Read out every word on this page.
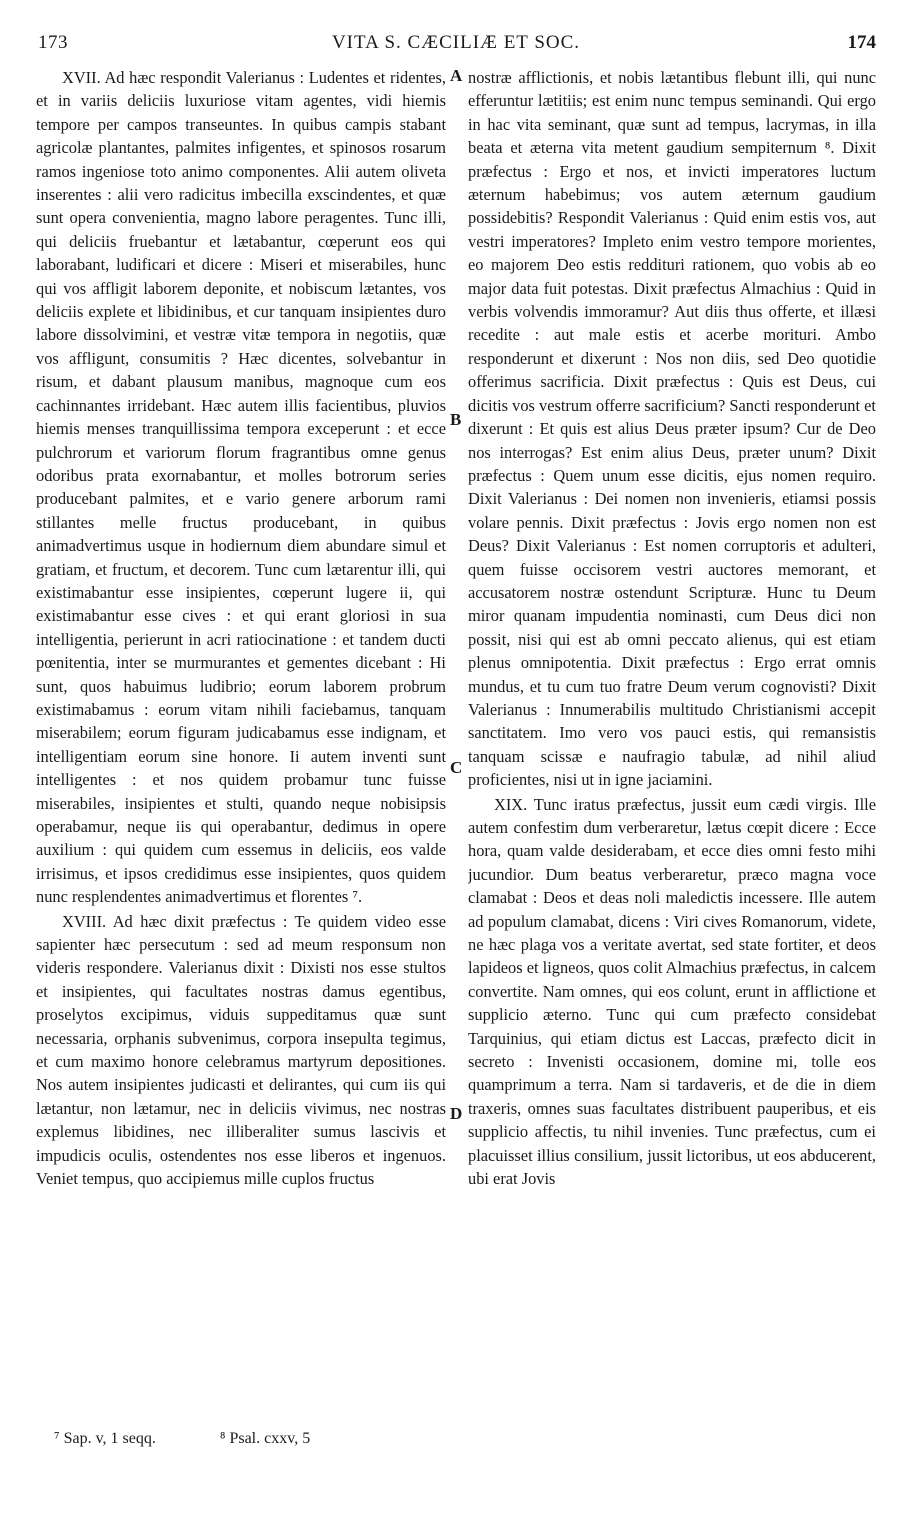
173	VITA S. CÆCILIÆ ET SOC.	174

XVII. Ad hæc respondit Valerianus : Ludentes et ridentes, et in variis deliciis luxuriose vitam agentes, vidi hiemis tempore per campos transeuntes. In quibus campis stabant agricolæ plantantes, palmites infigentes, et spinosos rosarum ramos ingeniose toto animo componentes. Alii autem oliveta inserentes : alii vero radicitus imbecilla exscindentes, et quæ sunt opera convenientia, magno labore peragentes. Tunc illi, qui deliciis fruebantur et lætabantur, cœperunt eos qui laborabant, ludificari et dicere : Miseri et miserabiles, hunc qui vos affligit laborem deponite, et nobiscum lætantes, vos deliciis explete et libidinibus, et cur tanquam insipientes duro labore dissolvimini, et vestræ vitæ tempora in negotiis, quæ vos affligunt, consumitis ? Hæc dicentes, solvebantur in risum, et dabant plausum manibus, magnoque cum eos cachinnantes irridebant. Hæc autem illis facientibus, pluvios hiemis menses tranquillissima tempora exceperunt : et ecce pulchrorum et variorum florum fragrantibus omne genus odoribus prata exornabantur, et molles botrorum series producebant palmites, et e vario genere arborum rami stillantes melle fructus producebant, in quibus animadvertimus usque in hodiernum diem abundare simul et gratiam, et fructum, et decorem. Tunc cum lætarentur illi, qui existimabantur esse insipientes, cœperunt lugere ii, qui existimabantur esse cives : et qui erant gloriosi in sua intelligentia, perierunt in acri ratiocinatione : et tandem ducti pœnitentia, inter se murmurantes et gementes dicebant : Hi sunt, quos habuimus ludibrio; eorum laborem probrum existimabamus : eorum vitam nihili faciebamus, tanquam miserabilem; eorum figuram judicabamus esse indignam, et intelligentiam eorum sine honore. Ii autem inventi sunt intelligentes : et nos quidem probamur tunc fuisse miserabiles, insipientes et stulti, quando neque nobisipsis operabamur, neque iis qui operabantur, dedimus in opere auxilium : qui quidem cum essemus in deliciis, eos valde irrisimus, et ipsos credidimus esse insipientes, quos quidem nunc resplendentes animadvertimus et florentes ⁷.

XVIII. Ad hæc dixit præfectus : Te quidem video esse sapienter hæc persecutum : sed ad meum responsum non videris respondere. Valerianus dixit : Dixisti nos esse stultos et insipientes, qui facultates nostras damus egentibus, proselytos excipimus, viduis suppeditamus quæ sunt necessaria, orphanis subvenimus, corpora insepulta tegimus, et cum maximo honore celebramus martyrum depositiones. Nos autem insipientes judicasti et delirantes, qui cum iis qui lætantur, non lætamur, nec in deliciis vivimus, nec nostras explemus libidines, nec illiberaliter sumus lascivis et impudicis oculis, ostendentes nos esse liberos et ingenuos. Veniet tempus, quo accipiemus mille cuplos fructus

nostræ afflictionis, et nobis lætantibus flebunt illi, qui nunc efferuntur lætitiis; est enim nunc tempus seminandi. Qui ergo in hac vita seminant, quæ sunt ad tempus, lacrymas, in illa beata et æterna vita metent gaudium sempiternum ⁸. Dixit præfectus : Ergo et nos, et invicti imperatores luctum æternum habebimus; vos autem æternum gaudium possidebitis? Respondit Valerianus : Quid enim estis vos, aut vestri imperatores? Impleto enim vestro tempore morientes, eo majorem Deo estis reddituri rationem, quo vobis ab eo major data fuit potestas. Dixit præfectus Almachius : Quid in verbis volvendis immoramur? Aut diis thus offerte, et illæsi recedite : aut male estis et acerbe morituri. Ambo responderunt et dixerunt : Nos non diis, sed Deo quotidie offerimus sacrificia. Dixit præfectus : Quis est Deus, cui dicitis vos vestrum offerre sacrificium? Sancti responderunt et dixerunt : Et quis est alius Deus præter ipsum? Cur de Deo nos interrogas? Est enim alius Deus, præter unum? Dixit præfectus : Quem unum esse dicitis, ejus nomen requiro. Dixit Valerianus : Dei nomen non invenieris, etiamsi possis volare pennis. Dixit præfectus : Jovis ergo nomen non est Deus? Dixit Valerianus : Est nomen corruptoris et adulteri, quem fuisse occisorem vestri auctores memorant, et accusatorem nostræ ostendunt Scripturæ. Hunc tu Deum miror quanam impudentia nominasti, cum Deus dici non possit, nisi qui est ab omni peccato alienus, qui est etiam plenus omnipotentia. Dixit præfectus : Ergo errat omnis mundus, et tu cum tuo fratre Deum verum cognovisti? Dixit Valerianus : Innumerabilis multitudo Christianismi accepit sanctitatem. Imo vero vos pauci estis, qui remansistis tanquam scissæ e naufragio tabulæ, ad nihil aliud proficientes, nisi ut in igne jaciamini.

XIX. Tunc iratus præfectus, jussit eum cædi virgis. Ille autem confestim dum verberaretur, lætus cœpit dicere : Ecce hora, quam valde desiderabam, et ecce dies omni festo mihi jucundior. Dum beatus verberaretur, præco magna voce clamabat : Deos et deas noli maledictis incessere. Ille autem ad populum clamabat, dicens : Viri cives Romanorum, videte, ne hæc plaga vos a veritate avertat, sed state fortiter, et deos lapideos et ligneos, quos colit Almachius præfectus, in calcem convertite. Nam omnes, qui eos colunt, erunt in afflictione et supplicio æterno. Tunc qui cum præfecto considebat Tarquinius, qui etiam dictus est Laccas, præfecto dicit in secreto : Invenisti occasionem, domine mi, tolle eos quamprimum a terra. Nam si tardaveris, et de die in diem traxeris, omnes suas facultates distribuent pauperibus, et eis supplicio affectis, tu nihil invenies. Tunc præfectus, cum ei placuisset illius consilium, jussit lictoribus, ut eos abducerent, ubi erat Jovis

A
B
C
D
⁷ Sap. v, 1 seqq.	⁸ Psal. cxxv, 5
